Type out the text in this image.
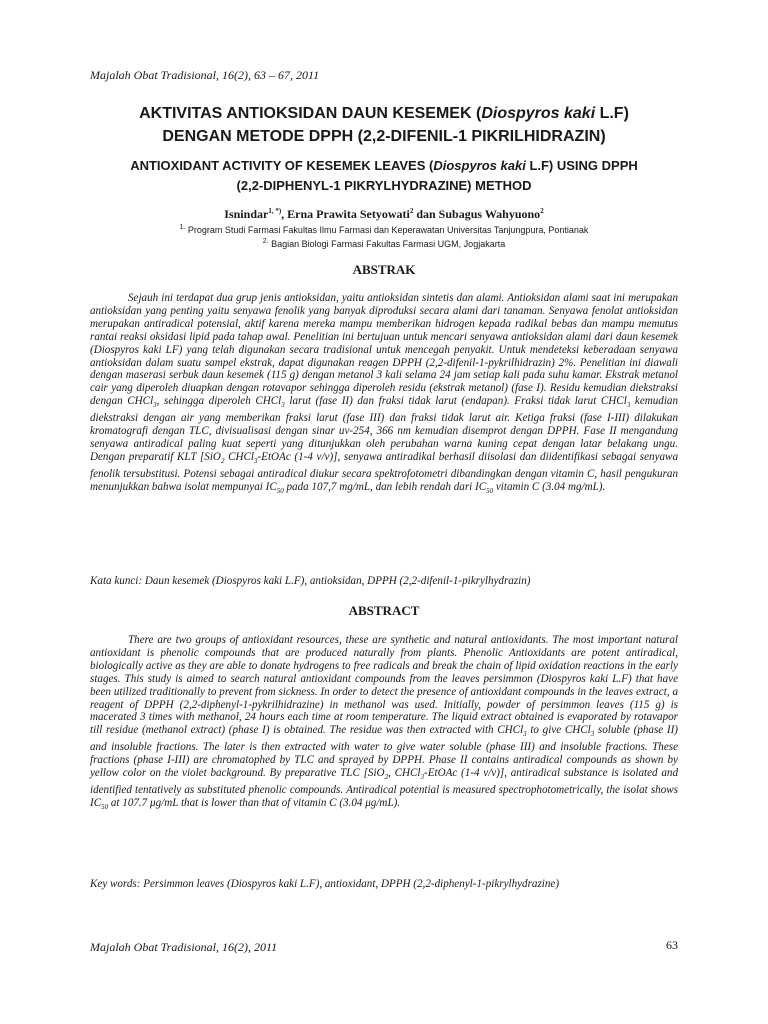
Majalah Obat Tradisional, 16(2), 63 – 67, 2011
AKTIVITAS ANTIOKSIDAN DAUN KESEMEK (Diospyros kaki L.F)
DENGAN METODE DPPH (2,2-DIFENIL-1 PIKRILHIDRAZIN)
ANTIOXIDANT ACTIVITY OF KESEMEK LEAVES (Diospyros kaki L.F) USING DPPH
(2,2-DIPHENYL-1 PIKRYLHYDRAZINE) METHOD
Isnindar$^{1, *)}$, Erna Prawita Setyowati$^2$ dan Subagus Wahyuono$^2$
$^{1.}$ Program Studi Farmasi Fakultas Ilmu Farmasi dan Keperawatan Universitas Tanjungpura, Pontianak
$^{2.}$ Bagian Biologi Farmasi Fakultas Farmasi UGM, Jogjakarta
ABSTRAK

Sejauh ini terdapat dua grup jenis antioksidan, yaitu antioksidan sintetis dan alami. Antioksidan alami saat ini merupakan antioksidan yang penting yaitu senyawa fenolik yang banyak diproduksi secara alami dari tanaman. Senyawa fenolat antioksidan merupakan antiradical potensial, aktif karena mereka mampu memberikan hidrogen kepada radikal bebas dan mampu memutus rantai reaksi oksidasi lipid pada tahap awal. Penelitian ini bertujuan untuk mencari senyawa antioksidan alami dari daun kesemek (Diospyros kaki LF) yang telah digunakan secara tradisional untuk mencegah penyakit. Untuk mendeteksi keberadaan senyawa antioksidan dalam suatu sampel ekstrak, dapat digunakan reagen DPPH (2,2-difenil-1-pykrilhidrazin) 2%. Penelitian ini diawali dengan maserasi serbuk daun kesemek (115 g) dengan metanol 3 kali selama 24 jam setiap kali pada suhu kamar. Ekstrak metanol cair yang diperoleh diuapkan dengan rotavapor sehingga diperoleh residu (ekstrak metanol) (fase I). Residu kemudian diekstraksi dengan CHCl$_3$, sehingga diperoleh CHCl$_3$ larut (fase II) dan fraksi tidak larut (endapan). Fraksi tidak larut CHCl$_3$ kemudian diekstraksi dengan air yang memberikan fraksi larut (fase III) dan fraksi tidak larut air. Ketiga fraksi (fase I-III) dilakukan kromatografi dengan TLC, divisualisasi dengan sinar uv-254, 366 nm kemudian disemprot dengan DPPH. Fase II mengandung senyawa antiradical paling kuat seperti yang ditunjukkan oleh perubahan warna kuning cepat dengan latar belakang ungu. Dengan preparatif KLT [SiO$_2$ CHCl$_3$-EtOAc (1-4 v/v)], senyawa antiradikal berhasil diisolasi dan diidentifikasi sebagai senyawa fenolik tersubstitusi. Potensi sebagai antiradical diukur secara spektrofotometri dibandingkan dengan vitamin C, hasil pengukuran menunjukkan bahwa isolat mempunyai $IC_{50}$ pada 107,7 mg/mL, dan lebih rendah dari $IC_{50}$ vitamin C (3.04 mg/mL).

Kata kunci: Daun kesemek (Diospyros kaki L.F), antioksidan, DPPH (2,2-difenil-1-pikrylhydrazin)
ABSTRACT

There are two groups of antioxidant resources, these are synthetic and natural antioxidants. The most important natural antioxidant is phenolic compounds that are produced naturally from plants. Phenolic Antioxidants are potent antiradical, biologically active as they are able to donate hydrogens to free radicals and break the chain of lipid oxidation reactions in the early stages. This study is aimed to search natural antioxidant compounds from the leaves persimmon (Diospyros kaki L.F) that have been utilized traditionally to prevent from sickness. In order to detect the presence of antioxidant compounds in the leaves extract, a reagent of DPPH (2,2-diphenyl-1-pykrilhidrazine) in methanol was used. Initially, powder of persimmon leaves (115 g) is macerated 3 times with methanol, 24 hours each time at room temperature. The liquid extract obtained is evaporated by rotavapor till residue (methanol extract) (phase I) is obtained. The residue was then extracted with CHCl$_3$ to give CHCl$_3$ soluble (phase II) and insoluble fractions. The later is then extracted with water to give water soluble (phase III) and insoluble fractions. These fractions (phase I-III) are chromatophed by TLC and sprayed by DPPH. Phase II contains antiradical compounds as shown by yellow color on the violet background. By preparative TLC [SiO$_2$, CHCl$_3$-EtOAc (1-4 v/v)], antiradical substance is isolated and identified tentatively as substituted phenolic compounds. Antiradical potential is measured spectrophotometrically, the isolat shows $IC_{50}$ at 107.7 μg/mL that is lower than that of vitamin C (3.04 μg/mL).

Key words: Persimmon leaves (Diospyros kaki L.F), antioxidant, DPPH (2,2-diphenyl-1-pikrylhydrazine)
Majalah Obat Tradisional, 16(2), 2011	63
